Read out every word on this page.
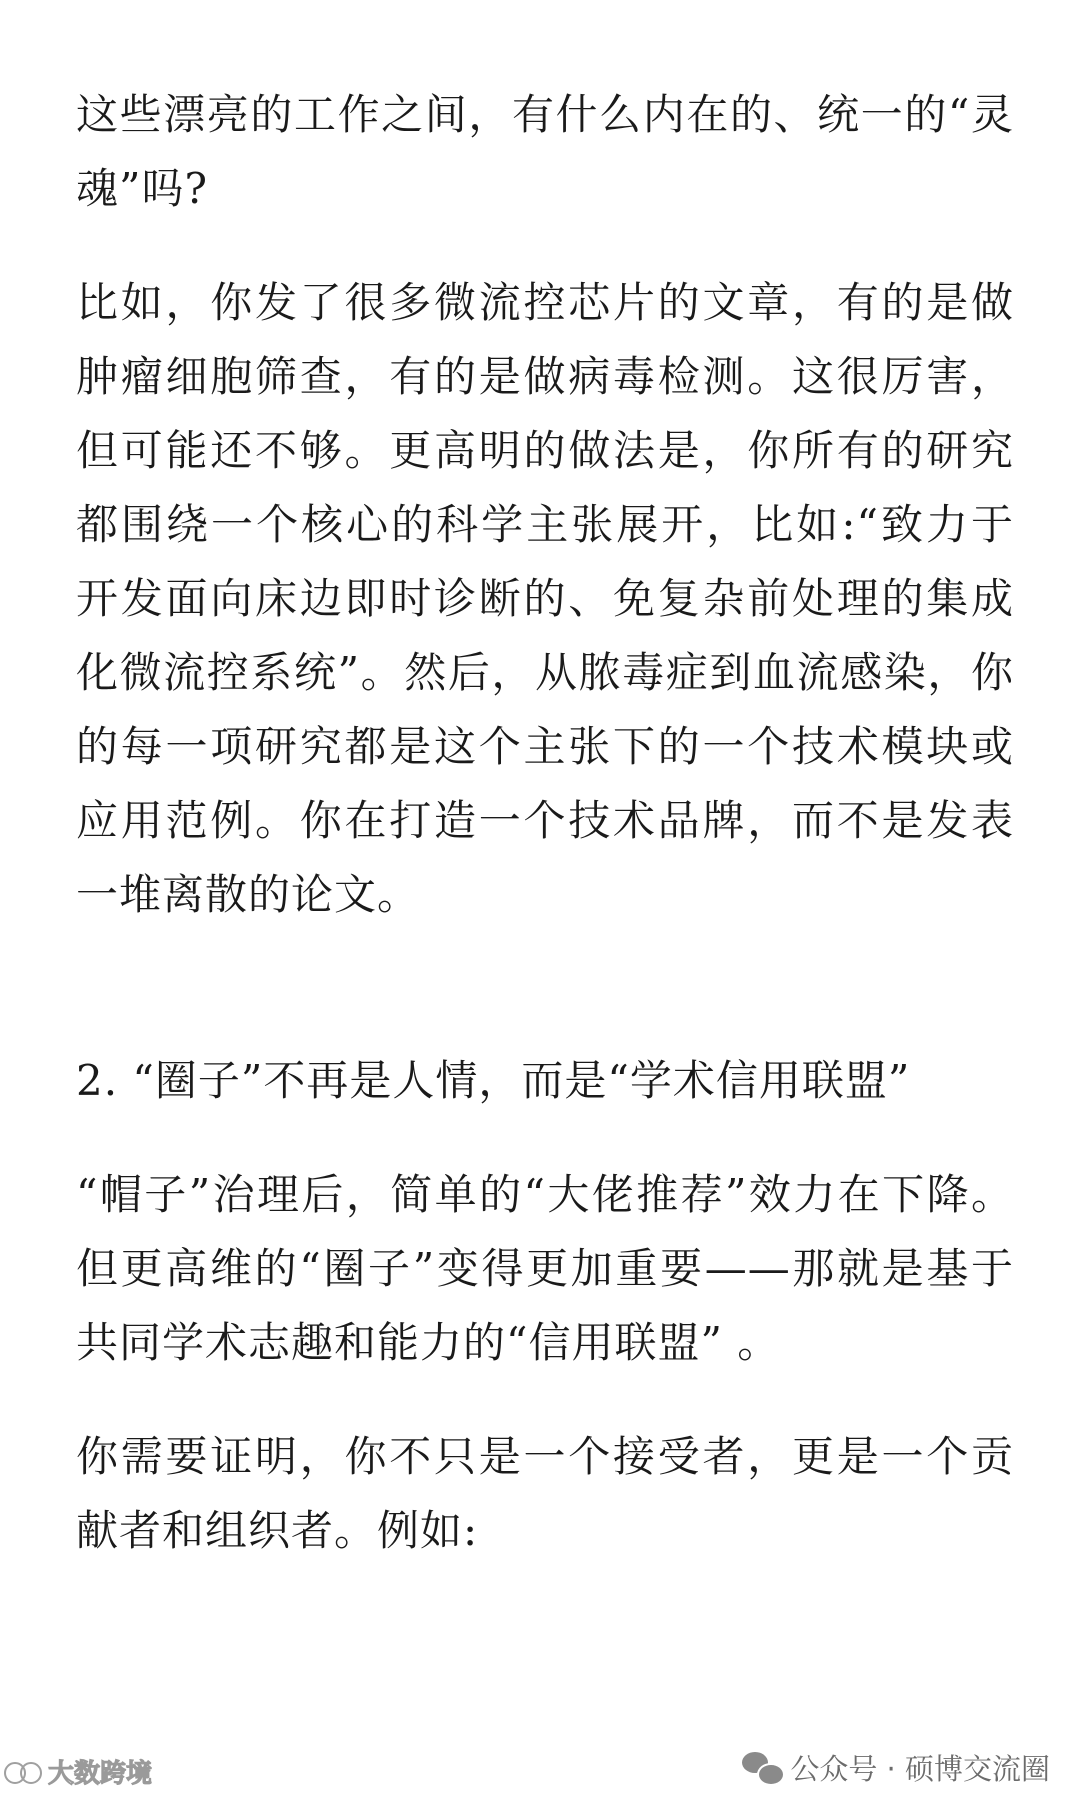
这些漂亮的工作之间，有什么内在的、统一的“灵魂”吗?

比如，你发了很多微流控芯片的文章，有的是做肿瘤细胞筛查，有的是做病毒检测。这很厉害，但可能还不够。更高明的做法是，你所有的研究都围绕一个核心的科学主张展开，比如:“致力于开发面向床边即时诊断的、免复杂前处理的集成化微流控系统”。然后，从脓毒症到血流感染，你的每一项研究都是这个主张下的一个技术模块或应用范例。你在打造一个技术品牌，而不是发表一堆离散的论文。

2. “圈子”不再是人情，而是“学术信用联盟”

“帽子”治理后，简单的“大佬推荐”效力在下降。但更高维的“圈子”变得更加重要——那就是基于共同学术志趣和能力的“信用联盟” 。

你需要证明，你不只是一个接受者，更是一个贡献者和组织者。例如:

公众号 · 硕博交流圈
大数跨境
